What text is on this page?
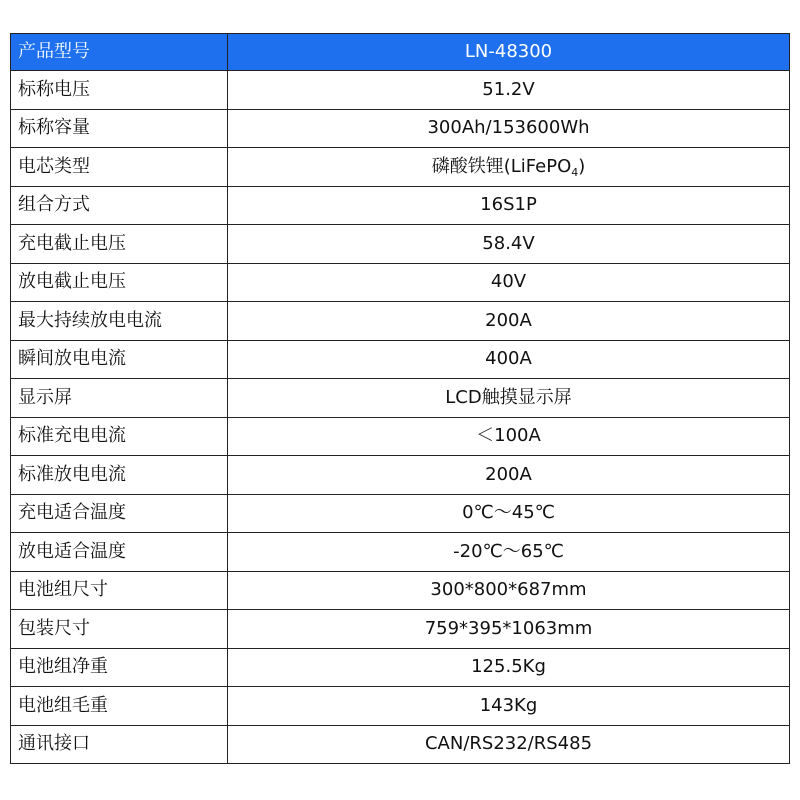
产品型号	LN-48300
标称电压	51.2V
标称容量	300Ah/153600Wh
电芯类型	磷酸铁锂(LiFePO$_4$)
组合方式	16S1P
充电截止电压	58.4V
放电截止电压	40V
最大持续放电电流	200A
瞬间放电电流	400A
显示屏	LCD触摸显示屏
标准充电电流	＜100A
标准放电电流	200A
充电适合温度	0℃～45℃
放电适合温度	-20℃～65℃
电池组尺寸	300*800*687mm
包装尺寸	759*395*1063mm
电池组净重	125.5Kg
电池组毛重	143Kg
通讯接口	CAN/RS232/RS485
